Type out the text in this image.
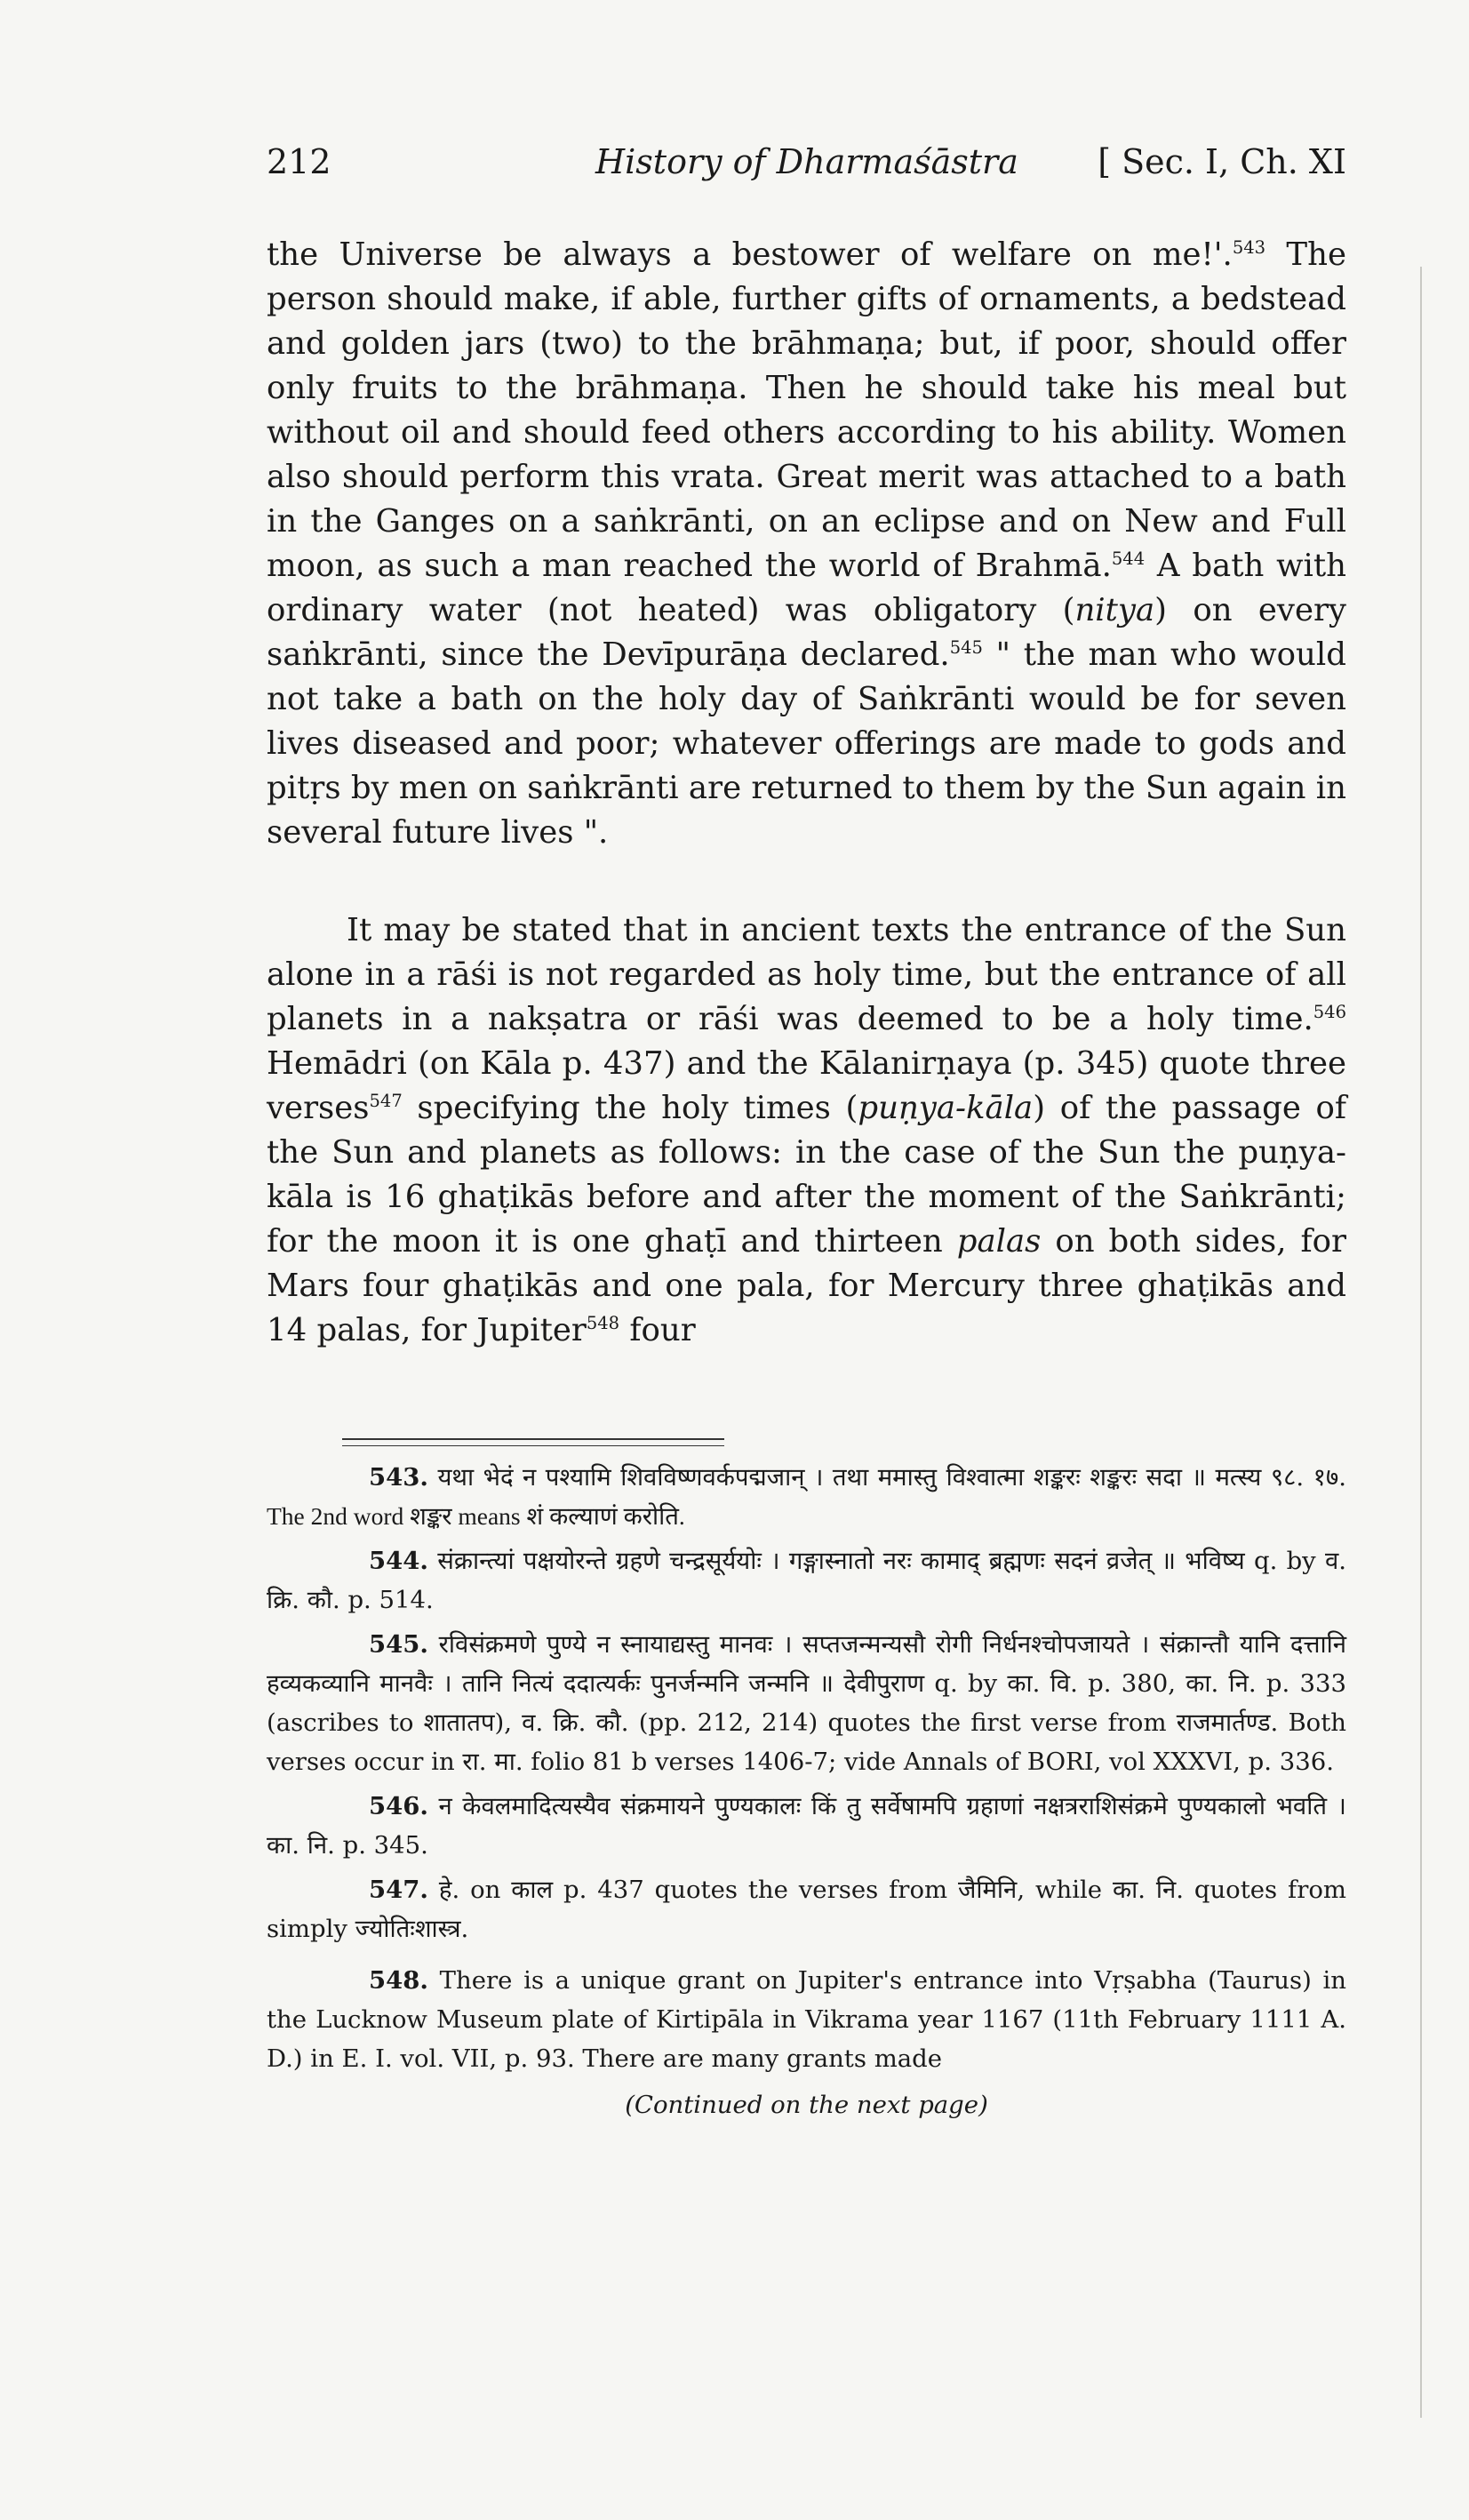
212	History of Dharmaśāstra [ Sec. I, Ch. XI

the Universe be always a bestower of welfare on me!'.$^{543}$ The person should make, if able, further gifts of ornaments, a bedstead and golden jars (two) to the brāhmaṇa; but, if poor, should offer only fruits to the brāhmaṇa. Then he should take his meal but without oil and should feed others according to his ability. Women also should perform this vrata. Great merit was attached to a bath in the Ganges on a saṅkrānti, on an eclipse and on New and Full moon, as such a man reached the world of Brahmā.$^{544}$ A bath with ordinary water (not heated) was obligatory (nitya) on every saṅkrānti, since the Devīpurāṇa declared.$^{545}$ " the man who would not take a bath on the holy day of Saṅkrānti would be for seven lives diseased and poor; whatever offerings are made to gods and pitṛs by men on saṅkrānti are returned to them by the Sun again in several future lives ".

It may be stated that in ancient texts the entrance of the Sun alone in a rāśi is not regarded as holy time, but the entrance of all planets in a nakṣatra or rāśi was deemed to be a holy time.$^{546}$ Hemādri (on Kāla p. 437) and the Kālanirṇaya (p. 345) quote three verses$^{547}$ specifying the holy times (puṇya-kāla) of the passage of the Sun and planets as follows: in the case of the Sun the puṇya-kāla is 16 ghaṭikās before and after the moment of the Saṅkrānti; for the moon it is one ghaṭī and thirteen palas on both sides, for Mars four ghaṭikās and one pala, for Mercury three ghaṭikās and 14 palas, for Jupiter$^{548}$ four

543. यथा भेदं न पश्यामि शिवविष्णवर्कपद्मजान् । तथा ममास्तु विश्वात्मा शङ्करः शङ्करः सदा ॥ मत्स्य ९८. १७. The 2nd word शङ्कर means शं कल्याणं करोति.

544. संक्रान्त्यां पक्षयोरन्ते ग्रहणे चन्द्रसूर्ययोः । गङ्गास्नातो नरः कामाद् ब्रह्मणः सदनं व्रजेत् ॥ भविष्य q. by व. क्रि. कौ. p. 514.

545. रविसंक्रमणे पुण्ये न स्नायाद्यस्तु मानवः । सप्तजन्मन्यसौ रोगी निर्धनश्चोपजायते । संक्रान्तौ यानि दत्तानि हव्यकव्यानि मानवैः । तानि नित्यं ददात्यर्कः पुनर्जन्मनि जन्मनि ॥ देवीपुराण q. by का. वि. p. 380, का. नि. p. 333 (ascribes to शातातप), व. क्रि. कौ. (pp. 212, 214) quotes the first verse from राजमार्तण्ड. Both verses occur in रा. मा. folio 81 b verses 1406-7; vide Annals of BORI, vol XXXVI, p. 336.

546. न केवलमादित्यस्यैव संक्रमायने पुण्यकालः किं तु सर्वेषामपि ग्रहाणां नक्षत्रराशिसंक्रमे पुण्यकालो भवति । का. नि. p. 345.

547. हे. on काल p. 437 quotes the verses from जैमिनि, while का. नि. quotes from simply ज्योतिःशास्त्र.

548. There is a unique grant on Jupiter's entrance into Vṛṣabha (Taurus) in the Lucknow Museum plate of Kirtipāla in Vikrama year 1167 (11th February 1111 A. D.) in E. I. vol. VII, p. 93. There are many grants made

(Continued on the next page)
